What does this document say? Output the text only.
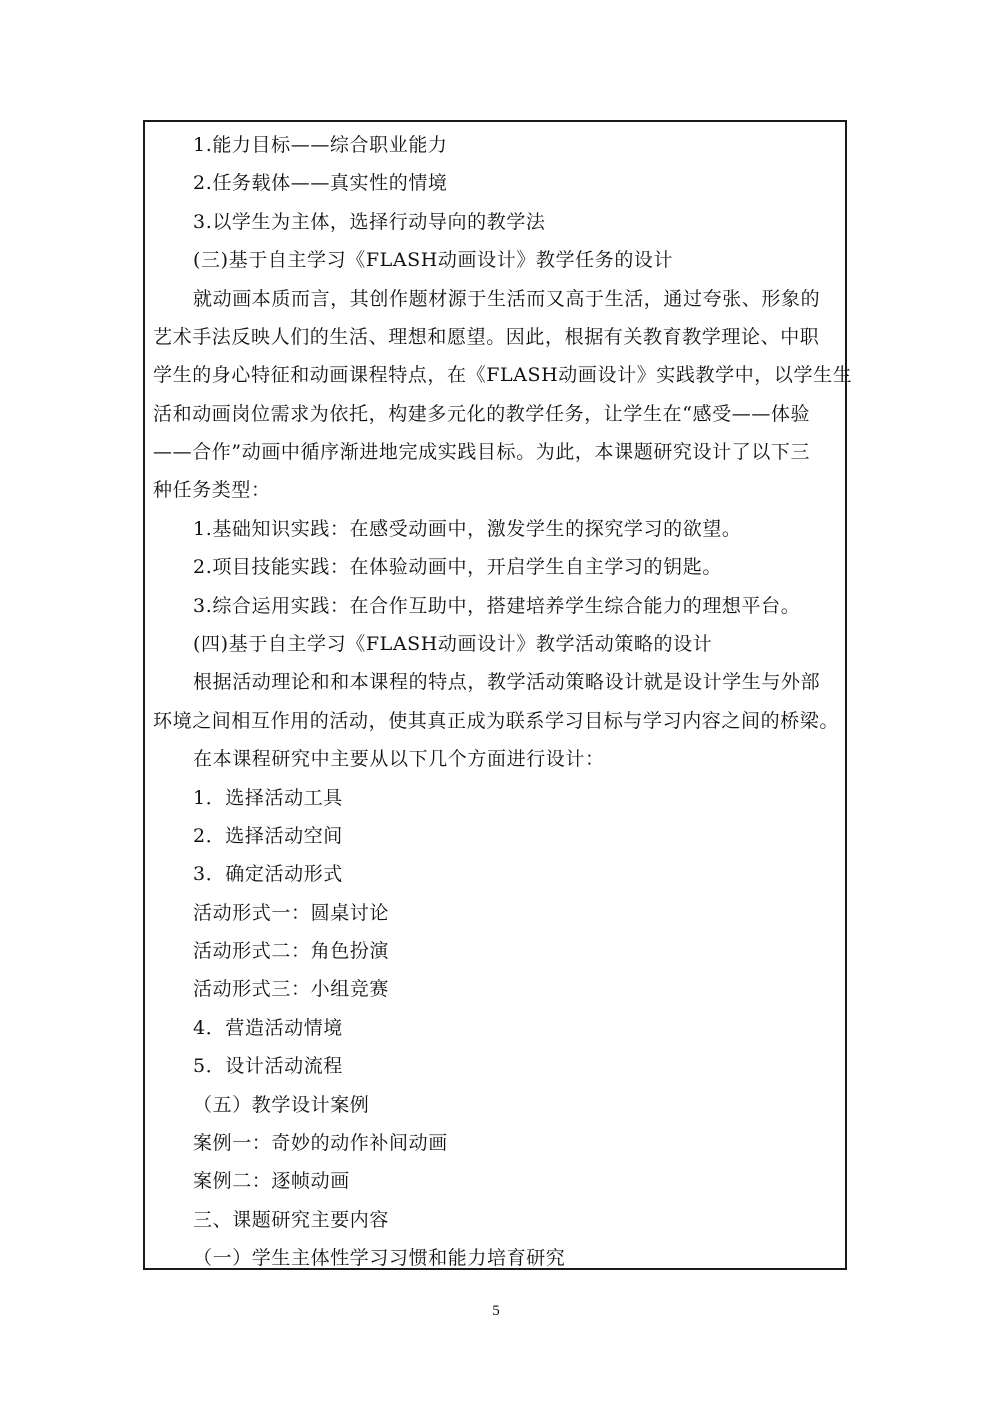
1.能力目标——综合职业能力
2.任务载体——真实性的情境
3.以学生为主体，选择行动导向的教学法
(三)基于自主学习《FLASH动画设计》教学任务的设计
就动画本质而言，其创作题材源于生活而又高于生活，通过夸张、形象的
艺术手法反映人们的生活、理想和愿望。因此，根据有关教育教学理论、中职
学生的身心特征和动画课程特点，在《FLASH动画设计》实践教学中，以学生生
活和动画岗位需求为依托，构建多元化的教学任务，让学生在“感受——体验
——合作”动画中循序渐进地完成实践目标。为此，本课题研究设计了以下三
种任务类型：
1.基础知识实践：在感受动画中，激发学生的探究学习的欲望。
2.项目技能实践：在体验动画中，开启学生自主学习的钥匙。
3.综合运用实践：在合作互助中，搭建培养学生综合能力的理想平台。
(四)基于自主学习《FLASH动画设计》教学活动策略的设计
根据活动理论和和本课程的特点，教学活动策略设计就是设计学生与外部
环境之间相互作用的活动，使其真正成为联系学习目标与学习内容之间的桥梁。
在本课程研究中主要从以下几个方面进行设计：
1．选择活动工具
2．选择活动空间
3．确定活动形式
活动形式一：圆桌讨论
活动形式二：角色扮演
活动形式三：小组竞赛
4．营造活动情境
5．设计活动流程
（五）教学设计案例
案例一：奇妙的动作补间动画
案例二：逐帧动画
三、课题研究主要内容
（一）学生主体性学习习惯和能力培育研究
5
